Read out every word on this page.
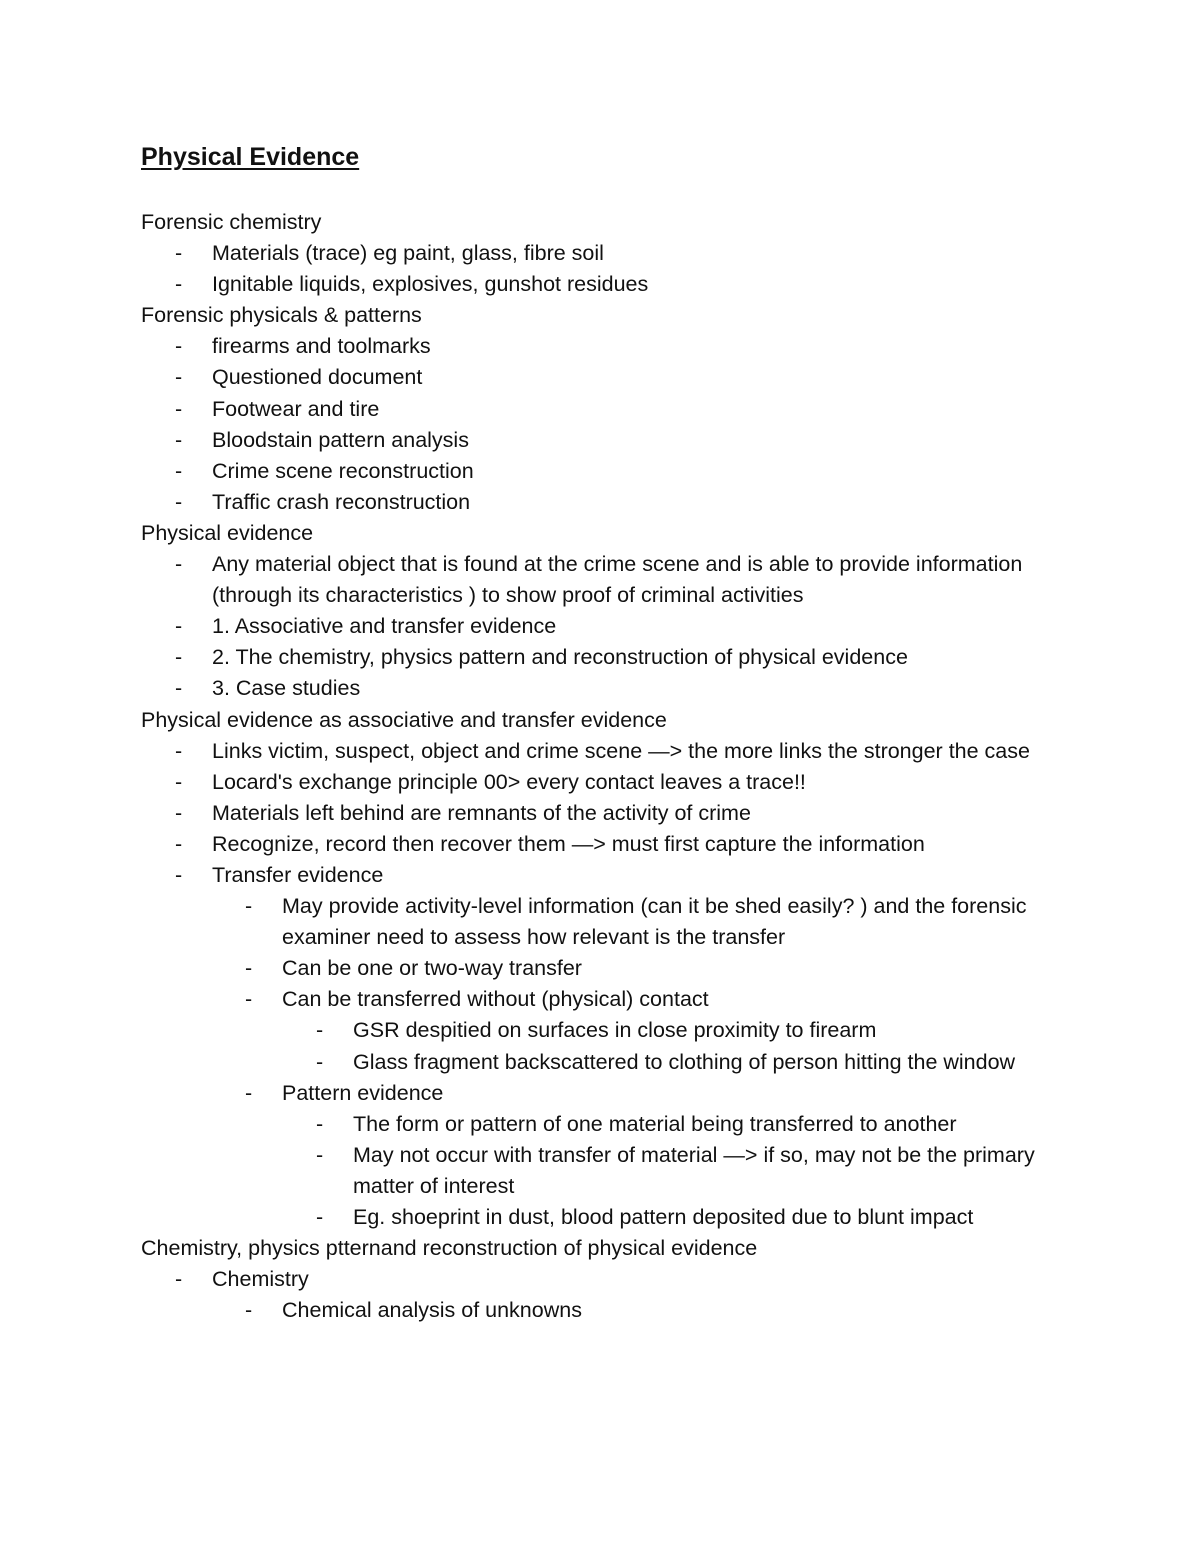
Physical Evidence
Forensic chemistry
- Materials (trace) eg paint, glass, fibre soil
- Ignitable liquids, explosives, gunshot residues
Forensic physicals & patterns
- firearms and toolmarks
- Questioned document
- Footwear and tire
- Bloodstain pattern analysis
- Crime scene reconstruction
- Traffic crash reconstruction
Physical evidence
- Any material object that is found at the crime scene and is able to provide information (through its characteristics ) to show proof of criminal activities
- 1. Associative and transfer evidence
- 2. The chemistry, physics pattern and reconstruction of physical evidence
- 3. Case studies
Physical evidence as associative and transfer evidence
- Links victim, suspect, object and crime scene —> the more links the stronger the case
- Locard's exchange principle 00> every contact leaves a trace!!
- Materials left behind are remnants of the activity of crime
- Recognize, record then recover them —> must first capture the information
- Transfer evidence
- May provide activity-level information (can it be shed easily? ) and the forensic examiner need to assess how relevant is the transfer
- Can be one or two-way transfer
- Can be transferred without (physical) contact
- GSR despitied on surfaces in close proximity to firearm
- Glass fragment backscattered to clothing of person hitting the window
- Pattern evidence
- The form or pattern of one material being transferred to another
- May not occur with transfer of material —> if so, may not be the primary matter of interest
- Eg. shoeprint in dust, blood pattern deposited due to blunt impact
Chemistry, physics ptternand reconstruction of physical evidence
- Chemistry
- Chemical analysis of unknowns
